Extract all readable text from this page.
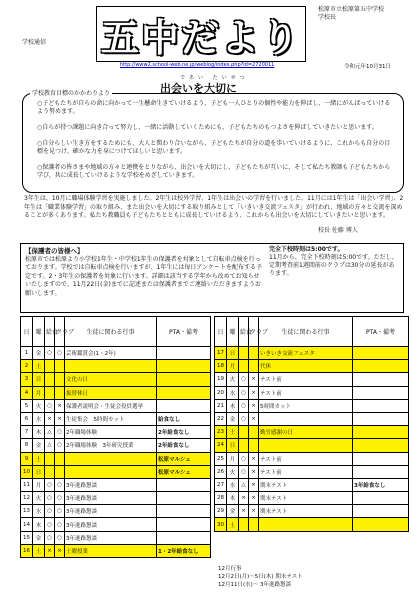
学校通信 五中だより
松原市立松原第五中学校
学校長
http://www2.school-web.ne.jp/weblog/index.php?id=2720011	令和元年10月31日
であい たいせつ
出会いを大切に
○子どもたちが自らの命に向かって一生懸命生きていけるよう、子ども一人ひとりの個性や能力を伸ばし、一緒にがんばっていけるよう努めます。
○自らが持つ課題に向き合って努力し、一緒に活動していくためにも、子どもたちのもつよさを伸ばしていきたいと思います。
○自分らしい生き方をするためにも、大人と関わり合いながら、子どもたちが自分の道を歩いていけるように、これからも自分の目標を見つけ、確かな力を身につけてほしいと思います。
○保護者の皆さまや地域の方々と連携をとりながら、出会いを大切にし、子どもたちが互いに、そして私たち教師も子どもたちから学び、共に成長していけるような学校をめざしていきます。
学校教育目標のかかわりより
3年生は、10月に職場体験学習を実施しました。2年生は校外学習、1年生は出会いの学習を行いました。11月には1年生は「出会い学習」、2年生は「職業体験学習」の取り組み、また出会いを大切にする取り組みとして「いきいき交流フェスタ」が行われ、地域の方々と交流を深めることが多くあります。私たち教職員も子どもたちとともに成長していけるよう、これからも出会いを大切にしていきたいと思います。
校長 佐藤 博人
【保護者の皆様へ】
松原市では松原より小学校1年生・中学校1年生の保護者を対象として自転車点検を行っております。学校では自転車点検を行いますが、1年生には毎日アンケートを配布する予定です。2・3年生の保護者を対象に行います。詳細は該当する学年から改めてお知らせいたしますので、11月22日(金)までに記述または保護者までご連絡いただきますようお願いします。
完全下校時刻は5:00です。
11月から、完全下校時刻は5:00です。ただし、定期考査前1週間前のクラブは30分の延長があります。
日	曜	給食	クラブ	生徒に関わる行事	PTA・備考
1	金	○	○	芸術鑑賞会(1・2年)	
2	土				
3	日			文化の日	
4	月			振替休日	
5	火	○	×	保護者説明会・生徒会役員選挙	
6	水	×	×	生徒集会　5時間カット	給食なし
7	木	△	○	2年職場体験	2年給食なし
8	金	△	○	2年職場体験　3年研究授業	2年給食なし
9	土				松原マルシェ
10	日				松原マルシェ
11	月	○	○	3年進路懇談	
12	火	○	○	3年進路懇談	
13	水	○	○	3年進路懇談	
14	木	○	○	3年進路懇談	
15	金	○	○	3年進路懇談	
16	土	×	×	土曜授業	1・2年給食なし
日	曜	給食	クラブ	生徒に関わる行事	PTA・備考
17	日			いきいき交流フェスタ	
18	月			代休	
19	火	○	×	テスト前	
20	水	○	×	テスト前	
21	木	○	×	5時間カット	
22	金	○	×		
23	土			勤労感謝の日	
24	日				
25	月	○	×	テスト前	
26	火	○	×	テスト前	
27	水	△	×	期末テスト	3年給食なし
28	木	×	×	期末テスト	
29	金	×	×	期末テスト	
30	土				
12月行事
12月2日(月)〜5日(木) 期末テスト
12月11日(水)〜 3年進路懇談
